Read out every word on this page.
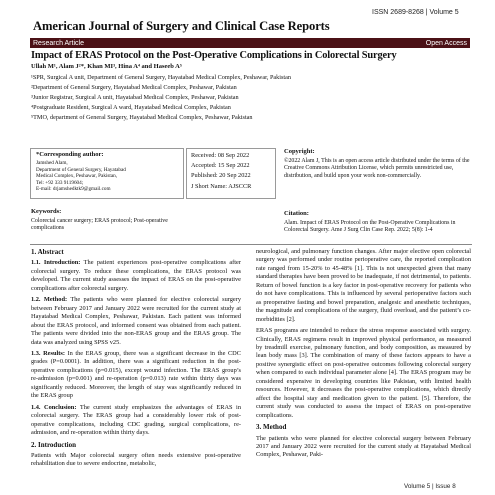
ISSN 2689-8268 | Volume 5
American Journal of Surgery and Clinical Case Reports
Research Article	Open Access
Impact of ERAS Protocol on the Post-Operative Complications in Colorectal Surgery
Ullah M¹, Alam J²*, Khan MI³, Hina A⁴ and Haseeb A⁵
¹SPR, Surgical A unit, Department of General Surgery, Hayatabad Medical Complex, Peshawar, Pakistan
²Department of General Surgery, Hayatabad Medical Complex, Peshawar, Pakistan
³Junior Registrar, Surgical A unit, Hayatabad Medical Complex, Peshawar, Pakistan
⁴Postgraduate Resident, Surgical A ward, Hayatabad Medical Complex, Pakistan
⁵TMO, department of General Surgery, Hayatabad Medical Complex, Peshawar, Pakistan
*Corresponding author:
Jamshed Alam,
Department of General Surgery, Hayatabad
Medical Complex, Peshawar, Pakistan,
Tel: +92 333 9119604;
E-mail: drjamshedktk9@gmail.com
Received: 08 Sep 2022
Accepted: 15 Sep 2022
Published: 20 Sep 2022
J Short Name: AJSCCR
Copyright:
©2022 Alam J, This is an open access article distributed under the terms of the Creative Commons Attribution License, which permits unrestricted use, distribution, and build upon your work non-commercially.
Keywords:
Colorectal cancer surgery; ERAS protocol; Post-operative complications
Citation:
Alam. Impact of ERAS Protocol on the Post-Operative Complications in Colorectal Surgery. Ame J Surg Clin Case Rep. 2022; 5(8): 1-4
1. Abstract

1.1. Introduction: The patient experiences post-operative complications after colorectal surgery. To reduce these complications, the ERAS protocol was developed. The current study assesses the impact of ERAS on the post-operative complications after colorectal surgery.

1.2. Method: The patients who were planned for elective colorectal surgery between February 2017 and January 2022 were recruited for the current study at Hayatabad Medical Complex, Peshawar, Pakistan. Each patient was informed about the ERAS protocol, and informed consent was obtained from each patient. The patients were divided into the non-ERAS group and the ERAS group. The data was analyzed using SPSS v25.

1.3. Results: In the ERAS group, there was a significant decrease in the CDC grades (P=0.0001). In addition, there was a significant reduction in the post-operative complications (p=0.015), except wound infection. The ERAS group’s re-admission (p=0.001) and re-operation (p=0.013) rate within thirty days was significantly reduced. Moreover, the length of stay was significantly reduced in the ERAS group

1.4. Conclusion: The current study emphasizes the advantages of ERAS in colorectal surgery. The ERAS group had a considerably lower risk of post-operative complications, including CDC grading, surgical complications, re-admission, and re-operation within thirty days.

2. Introduction

Patients with Major colorectal surgery often needs extensive post-operative rehabilitation due to severe endocrine, metabolic,

neurological, and pulmonary function changes. After major elective open colorectal surgery was performed under routine perioperative care, the reported complication rate ranged from 15-20% to 45-48% [1]. This is not unexpected given that many standard therapies have been proved to be inadequate, if not detrimental, to patients. Return of bowel function is a key factor in post-operative recovery for patients who do not have complications. This is influenced by several perioperative factors such as preoperative fasting and bowel preparation, analgesic and anesthetic techniques, the magnitude and complications of the surgery, fluid overload, and the patient’s co-morbidities [2].

ERAS programs are intended to reduce the stress response associated with surgery. Clinically, ERAS regimens result in improved physical performance, as measured by treadmill exercise, pulmonary function, and body composition, as measured by lean body mass [3]. The combination of many of these factors appears to have a positive synergistic effect on post-operative outcomes following colorectal surgery when compared to each individual parameter alone [4]. The ERAS program may be considered expensive in developing countries like Pakistan, with limited health resources. However, it decreases the post-operative complications, which directly affect the hospital stay and medication given to the patient. [5]. Therefore, the current study was conducted to assess the impact of ERAS on post-operative complications.

3. Method

The patients who were planned for elective colorectal surgery between February 2017 and January 2022 were recruited for the current study at Hayatabad Medical Complex, Peshawar, Paki-

Volume 5 | Issue 8
